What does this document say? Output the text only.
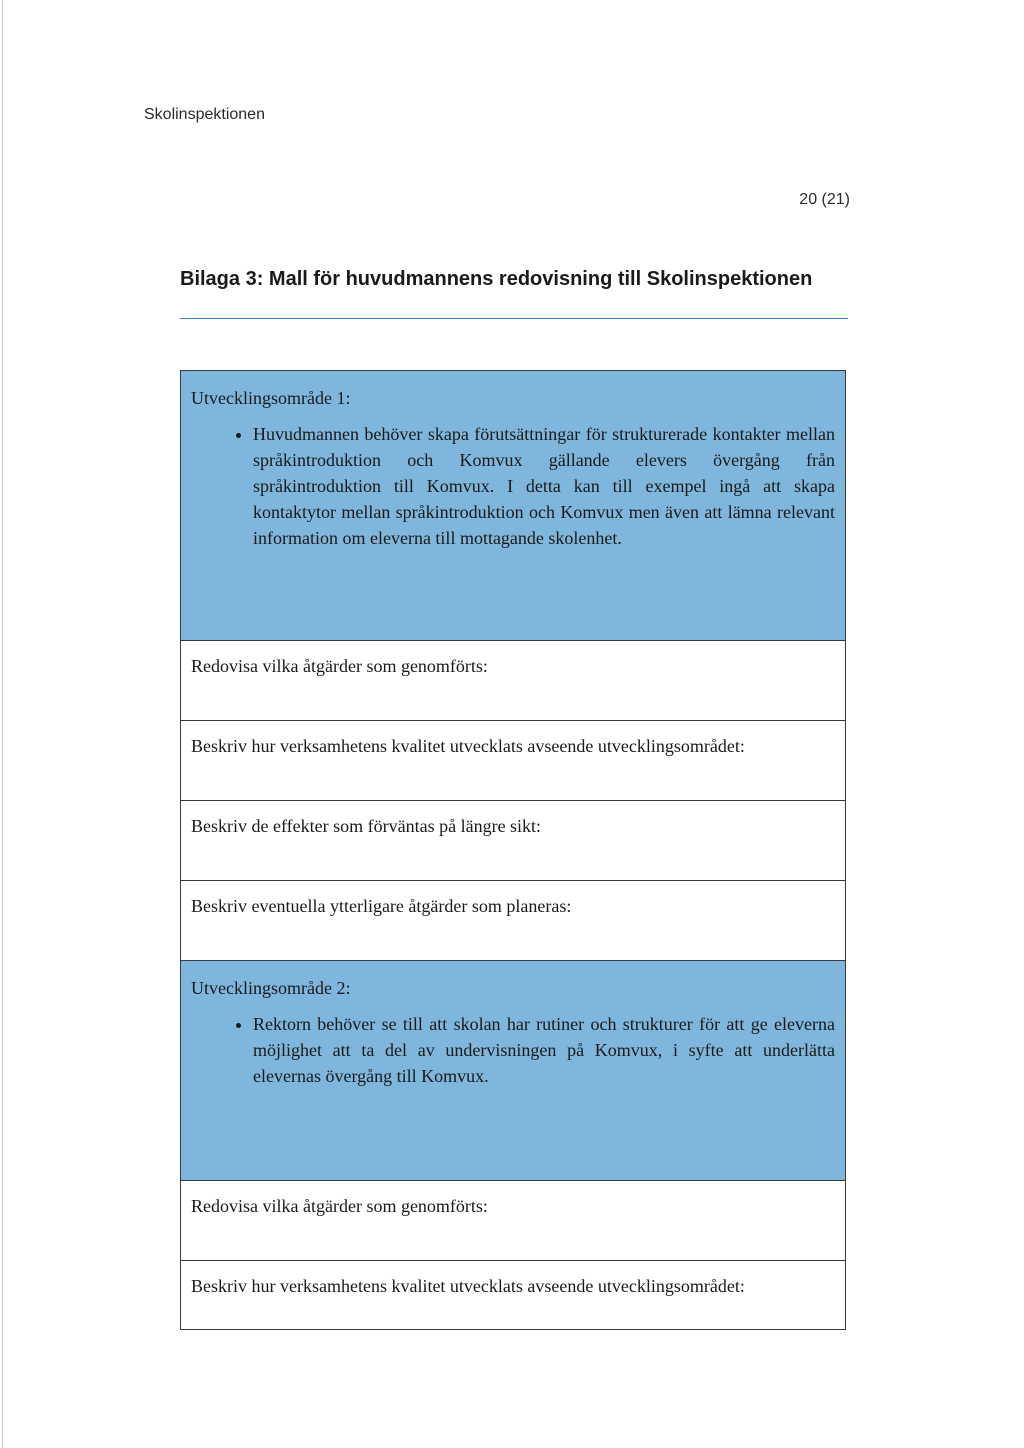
Skolinspektionen
20 (21)
Bilaga 3: Mall för huvudmannens redovisning till Skolinspektionen

Utvecklingsområde 1:

• Huvudmannen behöver skapa förutsättningar för strukturerade kontakter mellan språkintroduktion och Komvux gällande elevers övergång från språkintroduktion till Komvux. I detta kan till exempel ingå att skapa kontaktytor mellan språkintroduktion och Komvux men även att lämna relevant information om eleverna till mottagande skolenhet.
Redovisa vilka åtgärder som genomförts:
Beskriv hur verksamhetens kvalitet utvecklats avseende utvecklingsområdet:
Beskriv de effekter som förväntas på längre sikt:
Beskriv eventuella ytterligare åtgärder som planeras:

Utvecklingsområde 2:

• Rektorn behöver se till att skolan har rutiner och strukturer för att ge eleverna möjlighet att ta del av undervisningen på Komvux, i syfte att underlätta elevernas övergång till Komvux.
Redovisa vilka åtgärder som genomförts:
Beskriv hur verksamhetens kvalitet utvecklats avseende utvecklingsområdet:
